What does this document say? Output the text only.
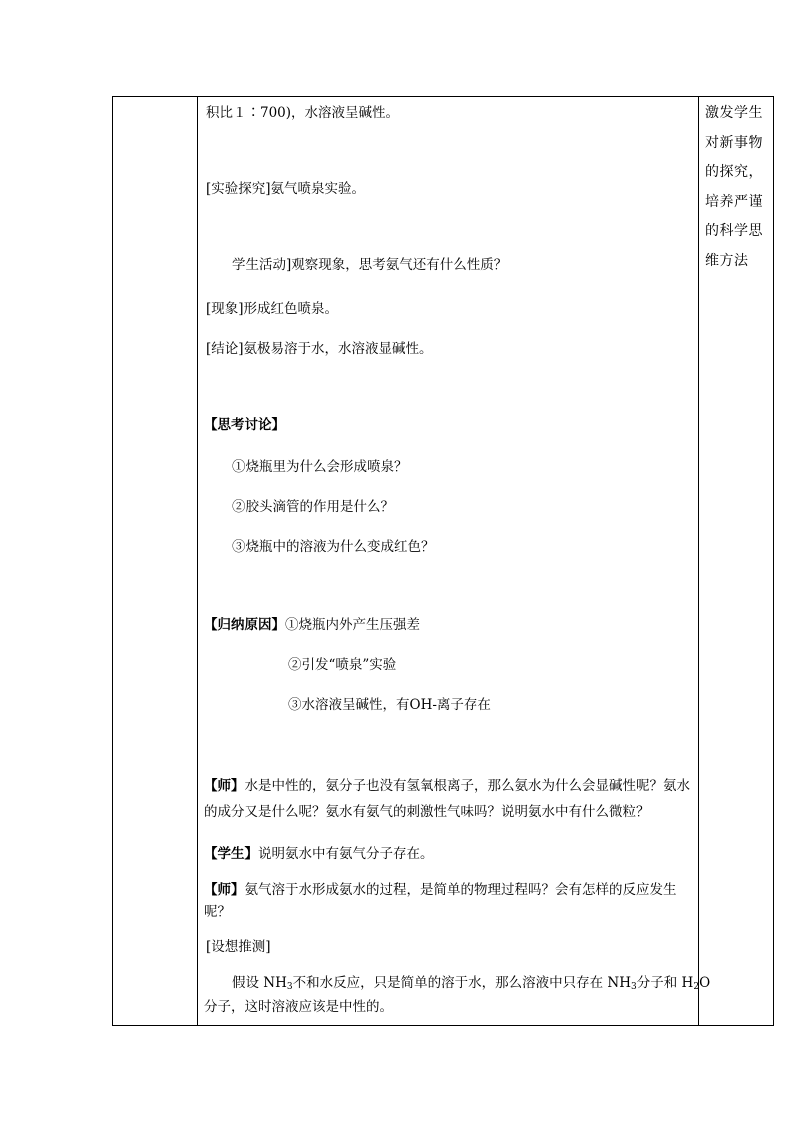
积比１∶700)，水溶液呈碱性。
[实验探究]氨气喷泉实验。
学生活动]观察现象，思考氨气还有什么性质？
[现象]形成红色喷泉。
[结论]氨极易溶于水，水溶液显碱性。
【思考讨论】
①烧瓶里为什么会形成喷泉？
②胶头滴管的作用是什么？
③烧瓶中的溶液为什么变成红色？
【归纳原因】①烧瓶内外产生压强差
②引发“喷泉”实验
③水溶液呈碱性，有OH-离子存在
【师】水是中性的，氨分子也没有氢氧根离子，那么氨水为什么会显碱性呢？氨水的成分又是什么呢？氨水有氨气的刺激性气味吗？说明氨水中有什么微粒？
【学生】说明氨水中有氨气分子存在。
【师】氨气溶于水形成氨水的过程，是简单的物理过程吗？会有怎样的反应发生呢？
[设想推测]
假设 $NH_3$不和水反应，只是简单的溶于水，那么溶液中只存在 $NH_3$分子和 $H_2O$
分子，这时溶液应该是中性的。
激发学生对新事物的探究，培养严谨的科学思维方法
